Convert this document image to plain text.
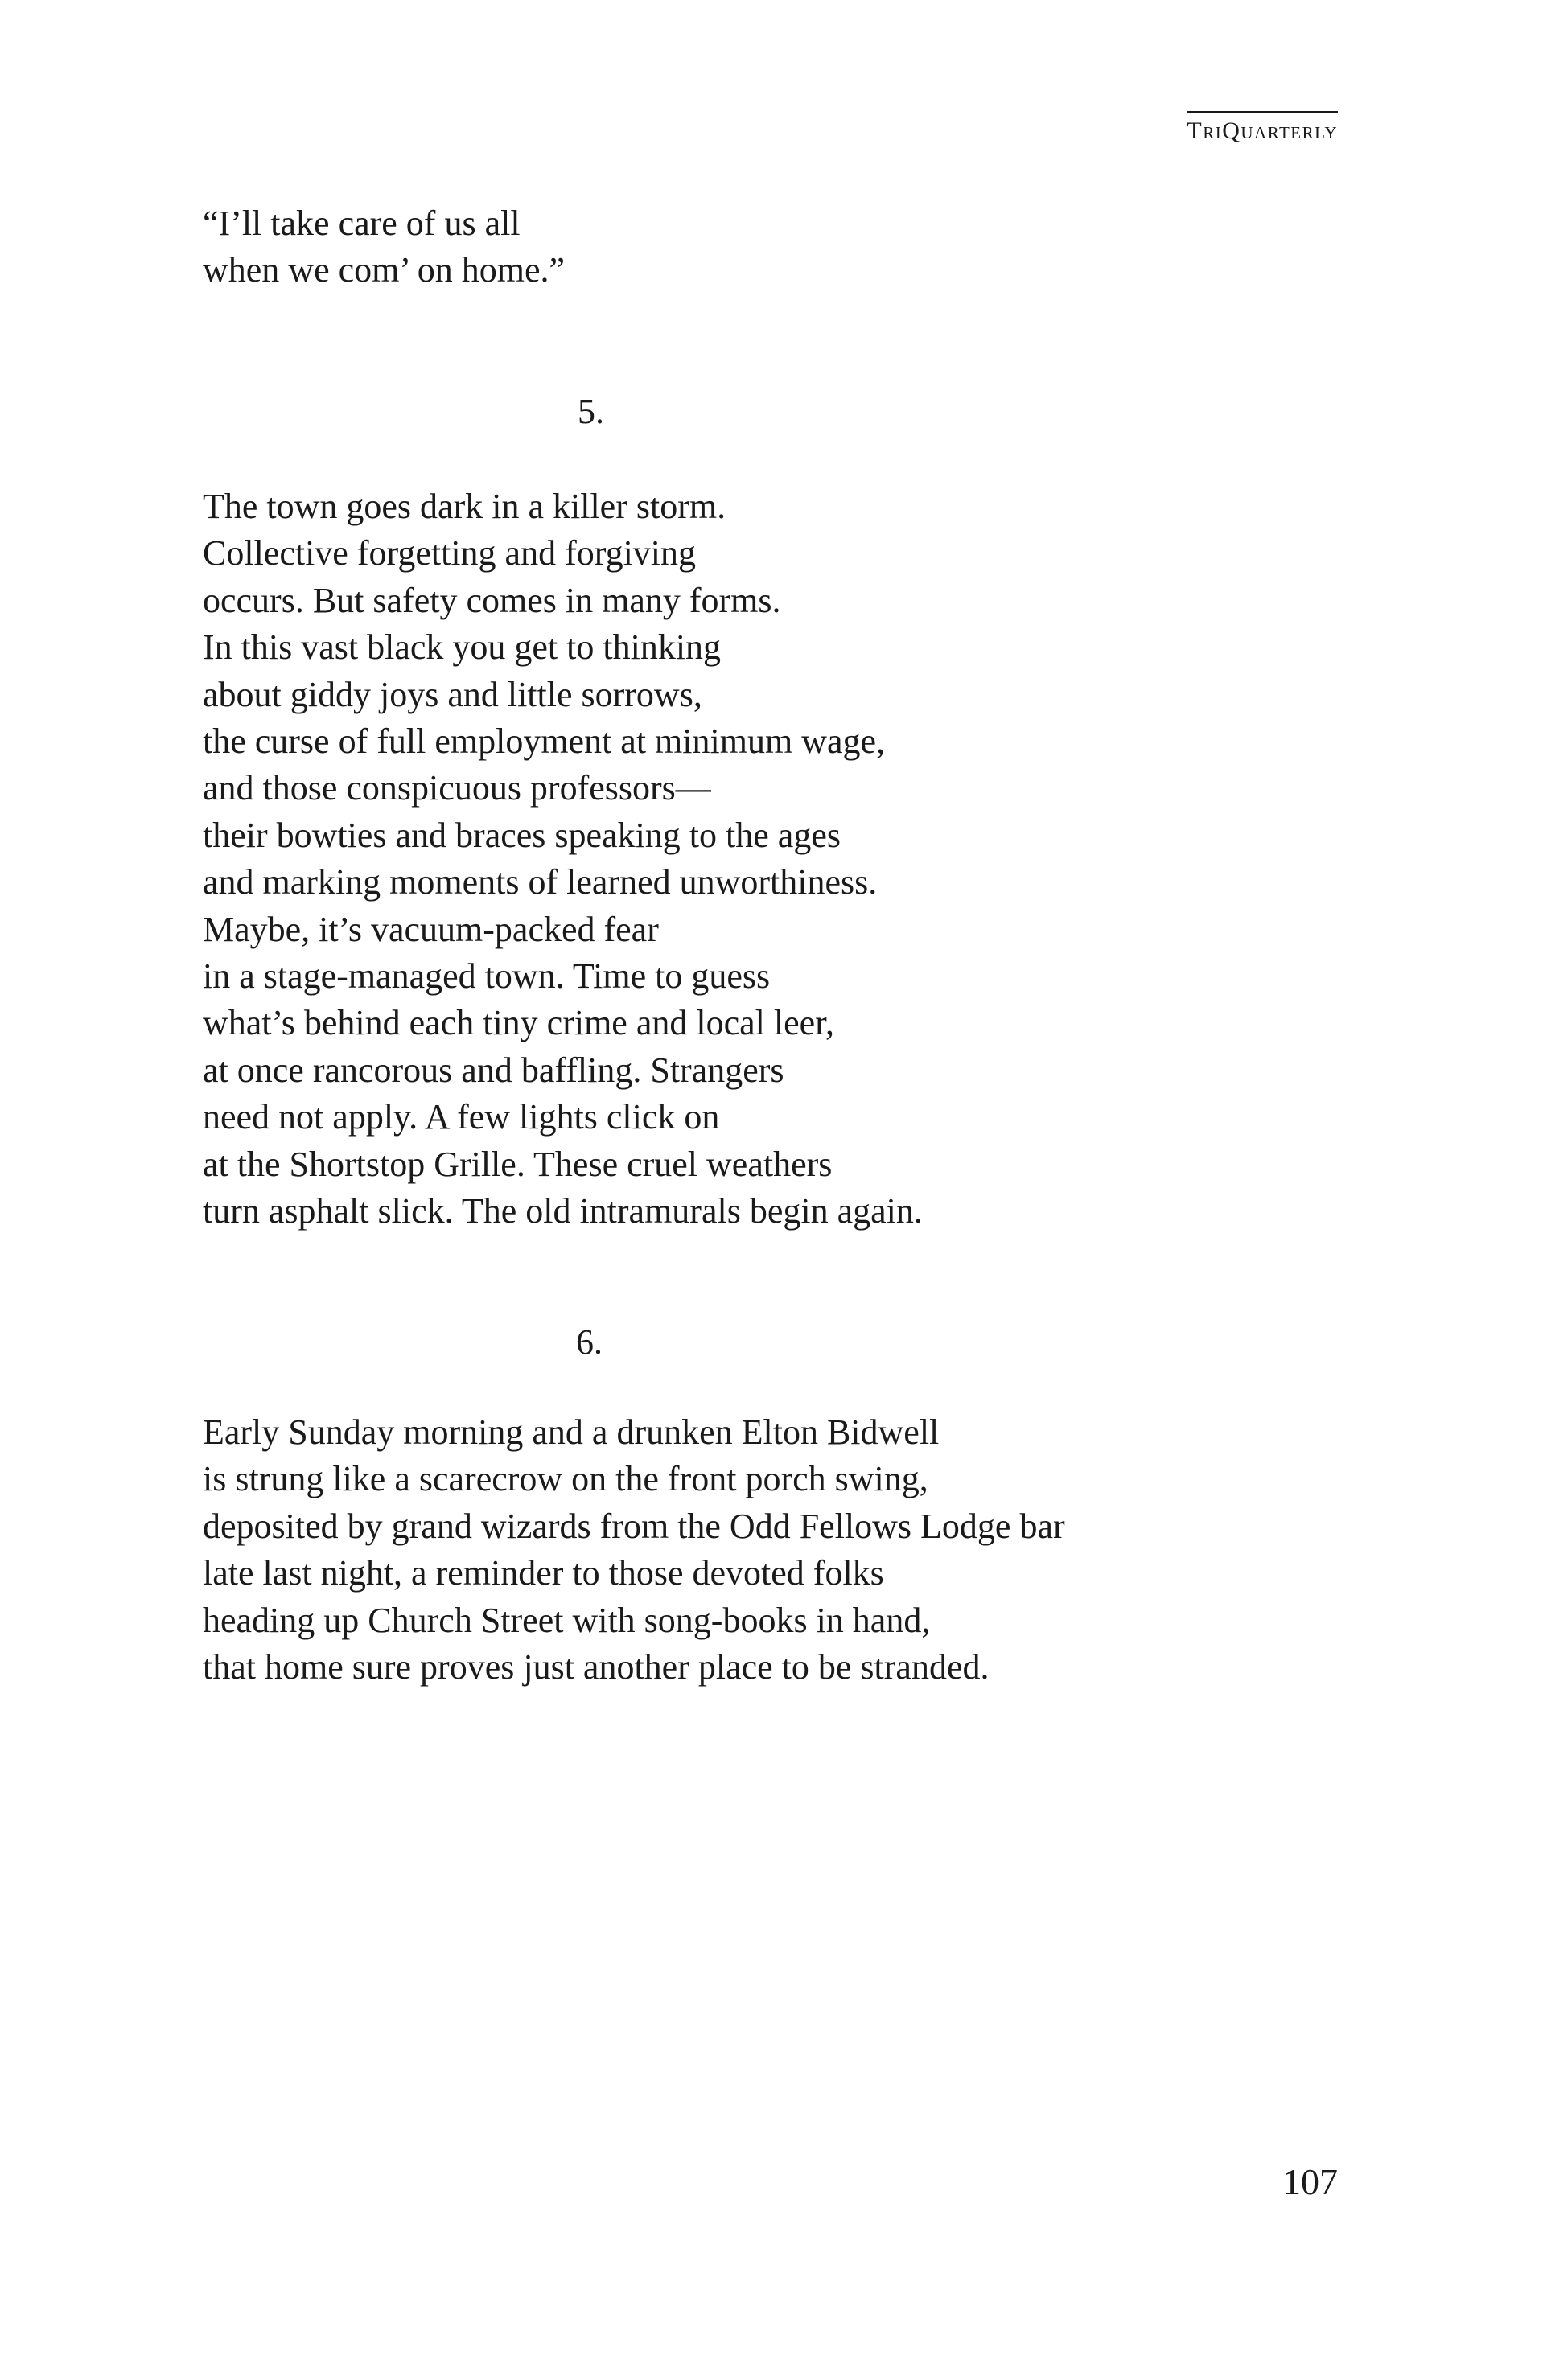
TriQuarterly
“I’ll take care of us all
when we com’ on home.”
5.
The town goes dark in a killer storm.
Collective forgetting and forgiving
occurs. But safety comes in many forms.
In this vast black you get to thinking
about giddy joys and little sorrows,
the curse of full employment at minimum wage,
and those conspicuous professors—
their bowties and braces speaking to the ages
and marking moments of learned unworthiness.
Maybe, it’s vacuum-packed fear
in a stage-managed town. Time to guess
what’s behind each tiny crime and local leer,
at once rancorous and baffling. Strangers
need not apply. A few lights click on
at the Shortstop Grille. These cruel weathers
turn asphalt slick. The old intramurals begin again.
6.
Early Sunday morning and a drunken Elton Bidwell
is strung like a scarecrow on the front porch swing,
deposited by grand wizards from the Odd Fellows Lodge bar
late last night, a reminder to those devoted folks
heading up Church Street with song-books in hand,
that home sure proves just another place to be stranded.
107
